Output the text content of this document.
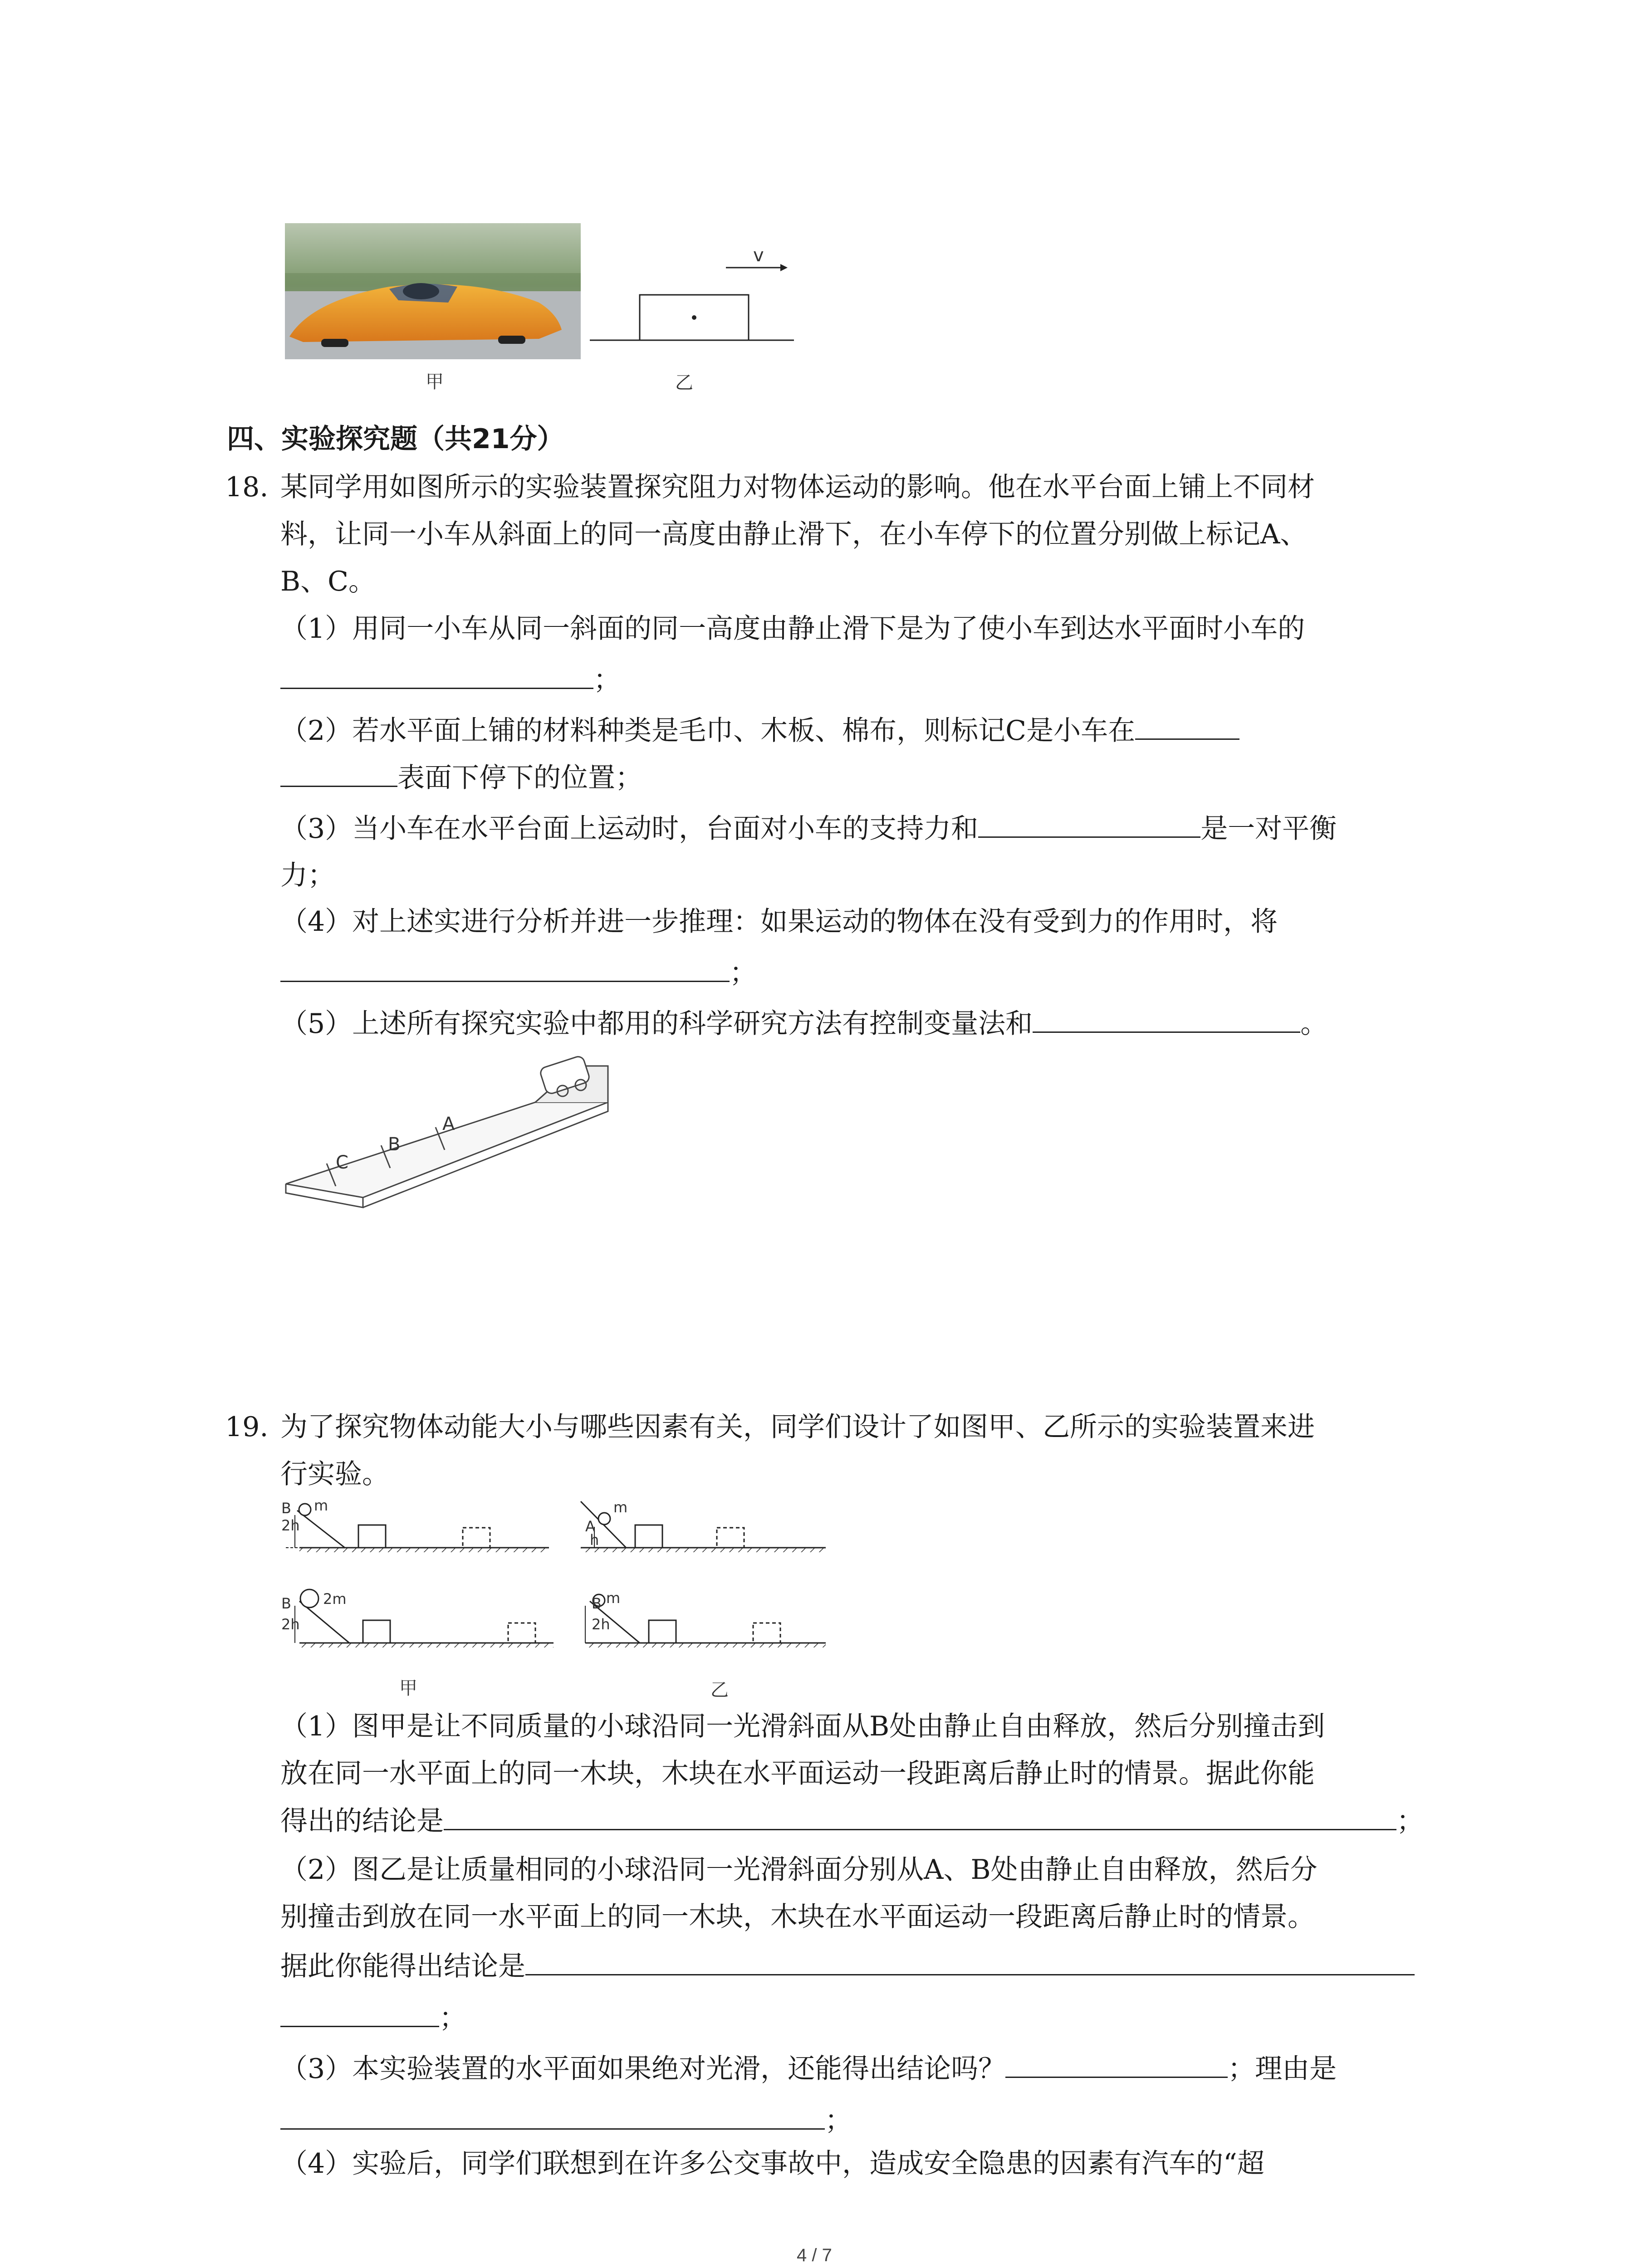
甲
v
乙
四、实验探究题（共21分）
18. 某同学用如图所示的实验装置探究阻力对物体运动的影响。他在水平台面上铺上不同材
料，让同一小车从斜面上的同一高度由静止滑下，在小车停下的位置分别做上标记A、
B、C。
（1）用同一小车从同一斜面的同一高度由静止滑下是为了使小车到达水平面时小车的
；
（2）若水平面上铺的材料种类是毛巾、木板、棉布，则标记C是小车在
表面下停下的位置；
（3）当小车在水平台面上运动时，台面对小车的支持力和	是一对平衡
力；
（4）对上述实进行分析并进一步推理：如果运动的物体在没有受到力的作用时，将
；
（5）上述所有探究实验中都用的科学研究方法有控制变量法和	。
C
B
A
19. 为了探究物体动能大小与哪些因素有关，同学们设计了如图甲、乙所示的实验装置来进
行实验。
B
2h
m
A
h
m
B
2h
2m	B
2h
m
甲	乙
（1）图甲是让不同质量的小球沿同一光滑斜面从B处由静止自由释放，然后分别撞击到
放在同一水平面上的同一木块，木块在水平面运动一段距离后静止时的情景。据此你能
得出的结论是	；
（2）图乙是让质量相同的小球沿同一光滑斜面分别从A、B处由静止自由释放，然后分
别撞击到放在同一水平面上的同一木块，木块在水平面运动一段距离后静止时的情景。
据此你能得出结论是
；
（3）本实验装置的水平面如果绝对光滑，还能得出结论吗？	；理由是
；
（4）实验后，同学们联想到在许多公交事故中，造成安全隐患的因素有汽车的“超
4 / 7
